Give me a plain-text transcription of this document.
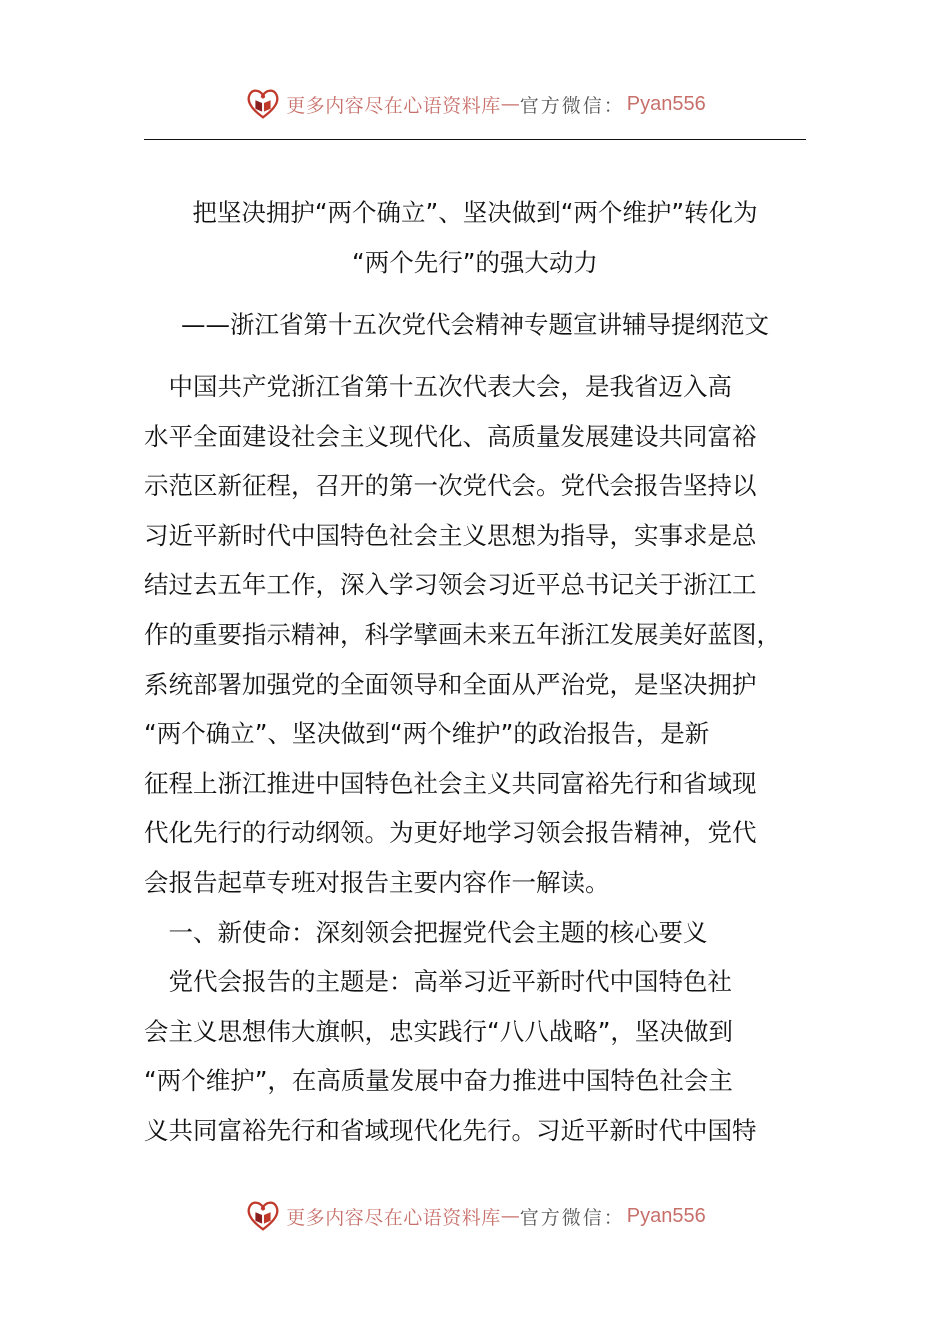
更多内容尽在心语资料库 — 官方微信： Pyan556
把坚决拥护“两个确立”、坚决做到“两个维护”转化为
“两个先行”的强大动力
——浙江省第十五次党代会精神专题宣讲辅导提纲范文
　中国共产党浙江省第十五次代表大会，是我省迈入高
水平全面建设社会主义现代化、高质量发展建设共同富裕
示范区新征程，召开的第一次党代会。党代会报告坚持以
习近平新时代中国特色社会主义思想为指导，实事求是总
结过去五年工作，深入学习领会习近平总书记关于浙江工
作的重要指示精神，科学擘画未来五年浙江发展美好蓝图，
系统部署加强党的全面领导和全面从严治党，是坚决拥护
“两个确立”、坚决做到“两个维护”的政治报告，是新
征程上浙江推进中国特色社会主义共同富裕先行和省域现
代化先行的行动纲领。为更好地学习领会报告精神，党代
会报告起草专班对报告主要内容作一解读。
　一、新使命：深刻领会把握党代会主题的核心要义
　党代会报告的主题是：高举习近平新时代中国特色社
会主义思想伟大旗帜，忠实践行“八八战略”，坚决做到
“两个维护”，在高质量发展中奋力推进中国特色社会主
义共同富裕先行和省域现代化先行。习近平新时代中国特
更多内容尽在心语资料库 — 官方微信： Pyan556
